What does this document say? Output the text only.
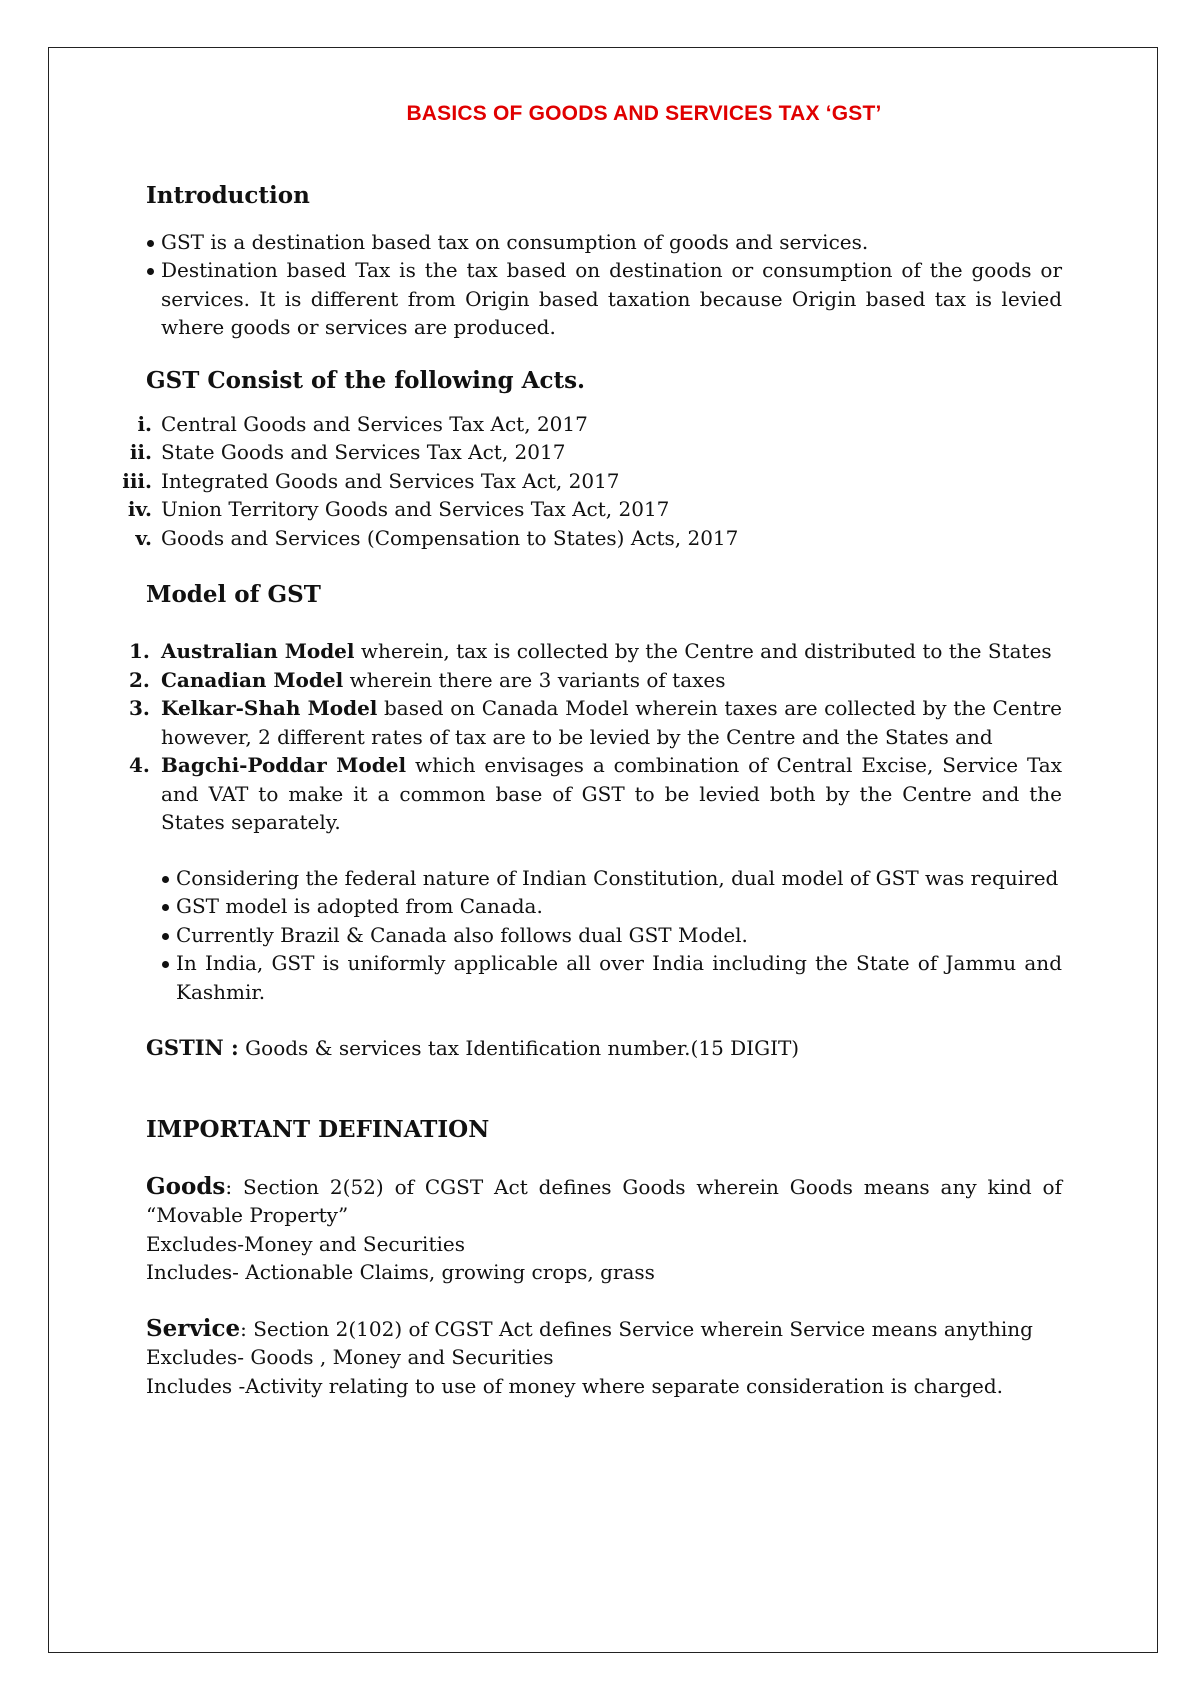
BASICS OF GOODS AND SERVICES TAX ‘GST’
Introduction
GST is a destination based tax on consumption of goods and services.
Destination based Tax is the tax based on destination or consumption of the goods or services. It is different from Origin based taxation because Origin based tax is levied where goods or services are produced.
GST Consist of the following Acts.
i. Central Goods and Services Tax Act, 2017
ii. State Goods and Services Tax Act, 2017
iii. Integrated Goods and Services Tax Act, 2017
iv. Union Territory Goods and Services Tax Act, 2017
v. Goods and Services (Compensation to States) Acts, 2017
Model of GST
1. Australian Model wherein, tax is collected by the Centre and distributed to the States
2. Canadian Model wherein there are 3 variants of taxes
3. Kelkar-Shah Model based on Canada Model wherein taxes are collected by the Centre however, 2 different rates of tax are to be levied by the Centre and the States and
4. Bagchi-Poddar Model which envisages a combination of Central Excise, Service Tax and VAT to make it a common base of GST to be levied both by the Centre and the States separately.
Considering the federal nature of Indian Constitution, dual model of GST was required
GST model is adopted from Canada.
Currently Brazil & Canada also follows dual GST Model.
In India, GST is uniformly applicable all over India including the State of Jammu and Kashmir.
GSTIN : Goods & services tax Identification number.(15 DIGIT)
IMPORTANT DEFINATION
Goods: Section 2(52) of CGST Act defines Goods wherein Goods means any kind of “Movable Property”
Excludes-Money and Securities
Includes- Actionable Claims, growing crops, grass
Service: Section 2(102) of CGST Act defines Service wherein Service means anything
Excludes- Goods , Money and Securities
Includes -Activity relating to use of money where separate consideration is charged.
